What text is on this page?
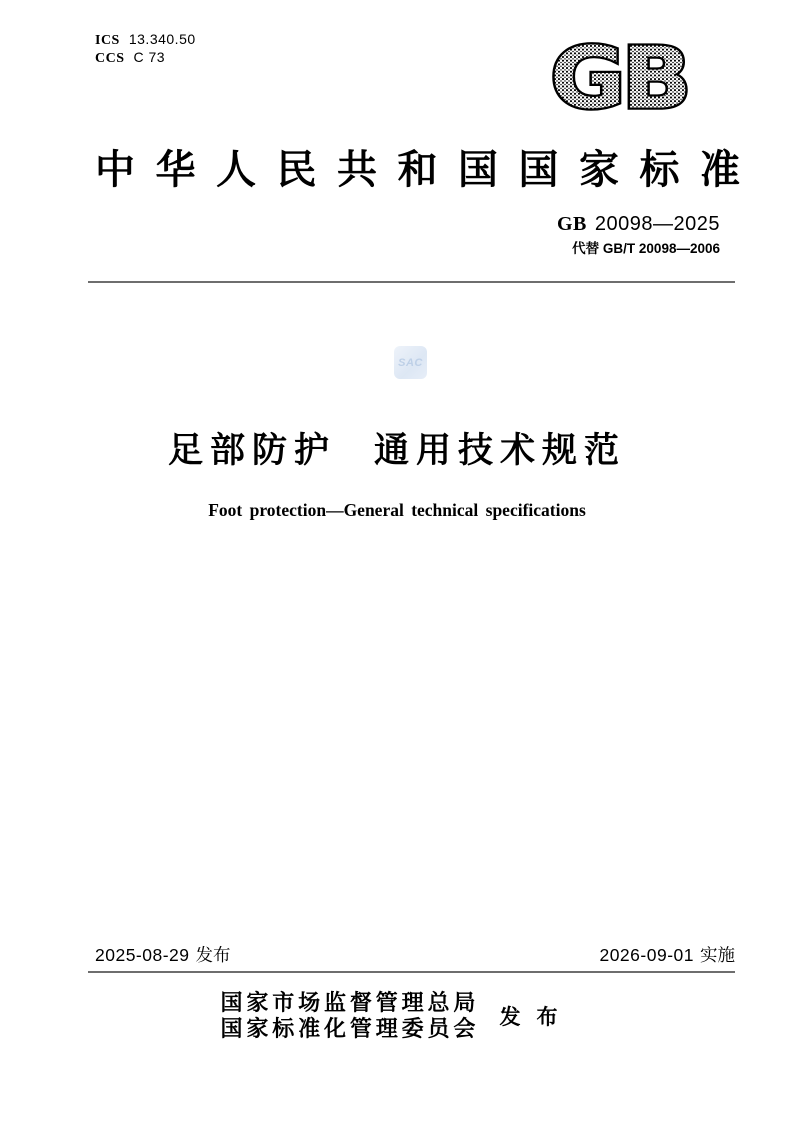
ICS 13.340.50
CCS C 73	GB
中 华 人 民 共 和 国 国 家 标 准
GB 20098—2025
代替 GB/T 20098—2006
SAC
足部防护 通用技术规范
Foot protection—General technical specifications
2025-08-29 发布	2026-09-01 实施
国 家 市 场 监 督 管 理 总 局
国 家 标 准 化 管 理 委 员 会 发布
